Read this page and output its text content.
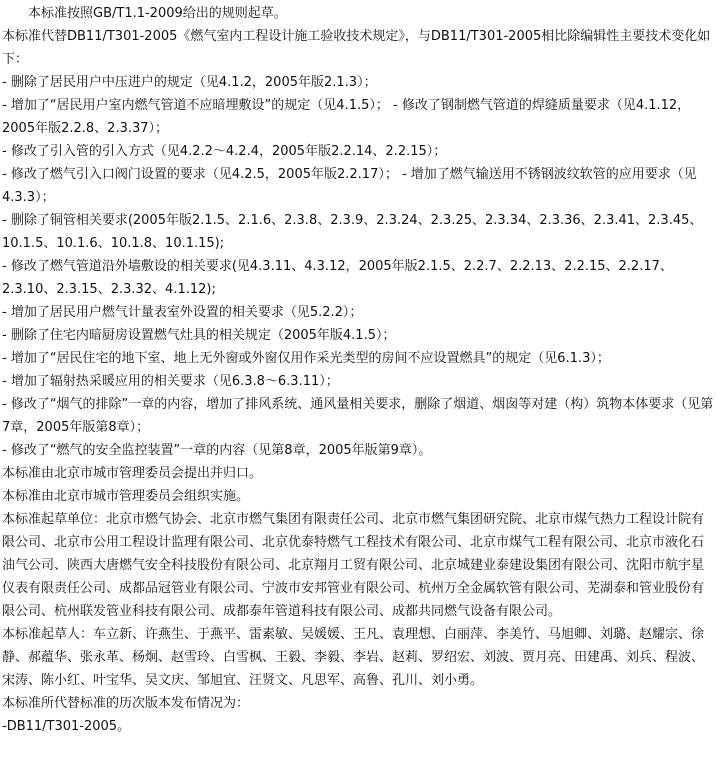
本标准按照GB/T1.1-2009给出的规则起草。

本标准代替DB11/T301-2005《燃气室内工程设计施工验收技术规定》，与DB11/T301-2005相比除编辑性主要技术变化如下：

- 删除了居民用户中压进户的规定（见4.1.2，2005年版2.1.3）；

- 增加了“居民用户室内燃气管道不应暗埋敷设”的规定（见4.1.5）； - 修改了钢制燃气管道的焊缝质量要求（见4.1.12，2005年版2.2.8、2.3.37）；

- 修改了引入管的引入方式（见4.2.2～4.2.4，2005年版2.2.14、2.2.15）；

- 修改了燃气引入口阀门设置的要求（见4.2.5，2005年版2.2.17）； - 增加了燃气输送用不锈钢波纹软管的应用要求（见4.3.3）；

- 删除了铜管相关要求(2005年版2.1.5、2.1.6、2.3.8、2.3.9、2.3.24、2.3.25、2.3.34、2.3.36、2.3.41、2.3.45、10.1.5、10.1.6、10.1.8、10.1.15);

- 修改了燃气管道沿外墙敷设的相关要求(见4.3.11、4.3.12，2005年版2.1.5、2.2.7、2.2.13、2.2.15、2.2.17、2.3.10、2.3.15、2.3.32、4.1.12);

- 增加了居民用户燃气计量表室外设置的相关要求（见5.2.2）；

- 删除了住宅内暗厨房设置燃气灶具的相关规定（2005年版4.1.5）；

- 增加了“居民住宅的地下室、地上无外窗或外窗仅用作采光类型的房间不应设置燃具”的规定（见6.1.3）；

- 增加了辐射热采暖应用的相关要求（见6.3.8～6.3.11）；

- 修改了“烟气的排除”一章的内容，增加了排风系统、通风量相关要求，删除了烟道、烟囱等对建（构）筑物本体要求（见第7章，2005年版第8章）；

- 修改了“燃气的安全监控装置”一章的内容（见第8章，2005年版第9章）。

本标准由北京市城市管理委员会提出并归口。

本标准由北京市城市管理委员会组织实施。

本标准起草单位：北京市燃气协会、北京市燃气集团有限责任公司、北京市燃气集团研究院、北京市煤气热力工程设计院有限公司、北京市公用工程设计监理有限公司、北京优泰特燃气工程技术有限公司、北京市煤气工程有限公司、北京市液化石油气公司、陕西大唐燃气安全科技股份有限公司、北京翔月工贸有限公司、北京城建业泰建设集团有限公司、沈阳市航宇星仪表有限责任公司、成都品冠管业有限公司、宁波市安邦管业有限公司、杭州万全金属软管有限公司、芜湖泰和管业股份有限公司、杭州联发管业科技有限公司、成都泰年管道科技有限公司、成都共同燃气设备有限公司。

本标准起草人：车立新、许燕生、于燕平、雷素敏、吴媛媛、王凡、袁理想、白丽萍、李美竹、马旭卿、刘璐、赵耀宗、徐静、郝蕴华、张永革、杨炯、赵雪玲、白雪枫、王毅、李毅、李岩、赵莉、罗绍宏、刘波、贾月亮、田建禹、刘兵、程波、宋涛、陈小红、叶宝华、吴文庆、邹旭宜、汪贤文、凡思军、高鲁、孔川、刘小勇。

本标准所代替标准的历次版本发布情况为：

-DB11/T301-2005。
